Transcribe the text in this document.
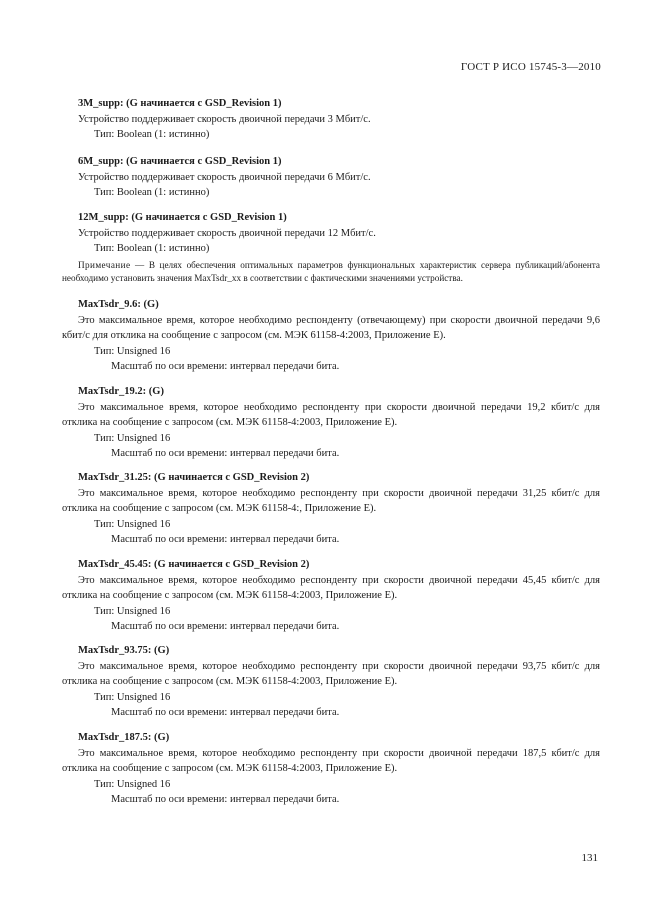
ГОСТ Р ИСО 15745-3—2010
3M_supp: (G начинается с GSD_Revision 1)
Устройство поддерживает скорость двоичной передачи 3 Мбит/с.
Тип: Boolean (1: истинно)
6M_supp: (G начинается с GSD_Revision 1)
Устройство поддерживает скорость двоичной передачи 6 Мбит/с.
Тип: Boolean (1: истинно)
12M_supp: (G начинается с GSD_Revision 1)
Устройство поддерживает скорость двоичной передачи 12 Мбит/с.
Тип: Boolean (1: истинно)
Примечание — В целях обеспечения оптимальных параметров функциональных характеристик сервера публикаций/абонента необходимо установить значения MaxTsdr_xx в соответствии с фактическими значениями устройства.
MaxTsdr_9.6: (G)
Это максимальное время, которое необходимо респонденту (отвечающему) при скорости двоичной передачи 9,6 кбит/с для отклика на сообщение с запросом (см. МЭК 61158-4:2003, Приложение Е).
Тип: Unsigned 16
Масштаб по оси времени: интервал передачи бита.
MaxTsdr_19.2: (G)
Это максимальное время, которое необходимо респонденту при скорости двоичной передачи 19,2 кбит/с для отклика на сообщение с запросом (см. МЭК 61158-4:2003, Приложение Е).
Тип: Unsigned 16
Масштаб по оси времени: интервал передачи бита.
MaxTsdr_31.25: (G начинается с GSD_Revision 2)
Это максимальное время, которое необходимо респонденту при скорости двоичной передачи 31,25 кбит/с для отклика на сообщение с запросом (см. МЭК 61158-4:, Приложение Е).
Тип: Unsigned 16
Масштаб по оси времени: интервал передачи бита.
MaxTsdr_45.45: (G начинается с GSD_Revision 2)
Это максимальное время, которое необходимо респонденту при скорости двоичной передачи 45,45 кбит/с для отклика на сообщение с запросом (см. МЭК 61158-4:2003, Приложение Е).
Тип: Unsigned 16
Масштаб по оси времени: интервал передачи бита.
MaxTsdr_93.75: (G)
Это максимальное время, которое необходимо респонденту при скорости двоичной передачи 93,75 кбит/с для отклика на сообщение с запросом (см. МЭК 61158-4:2003, Приложение Е).
Тип: Unsigned 16
Масштаб по оси времени: интервал передачи бита.
MaxTsdr_187.5: (G)
Это максимальное время, которое необходимо респонденту при скорости двоичной передачи 187,5 кбит/с для отклика на сообщение с запросом (см. МЭК 61158-4:2003, Приложение Е).
Тип: Unsigned 16
Масштаб по оси времени: интервал передачи бита.
131
